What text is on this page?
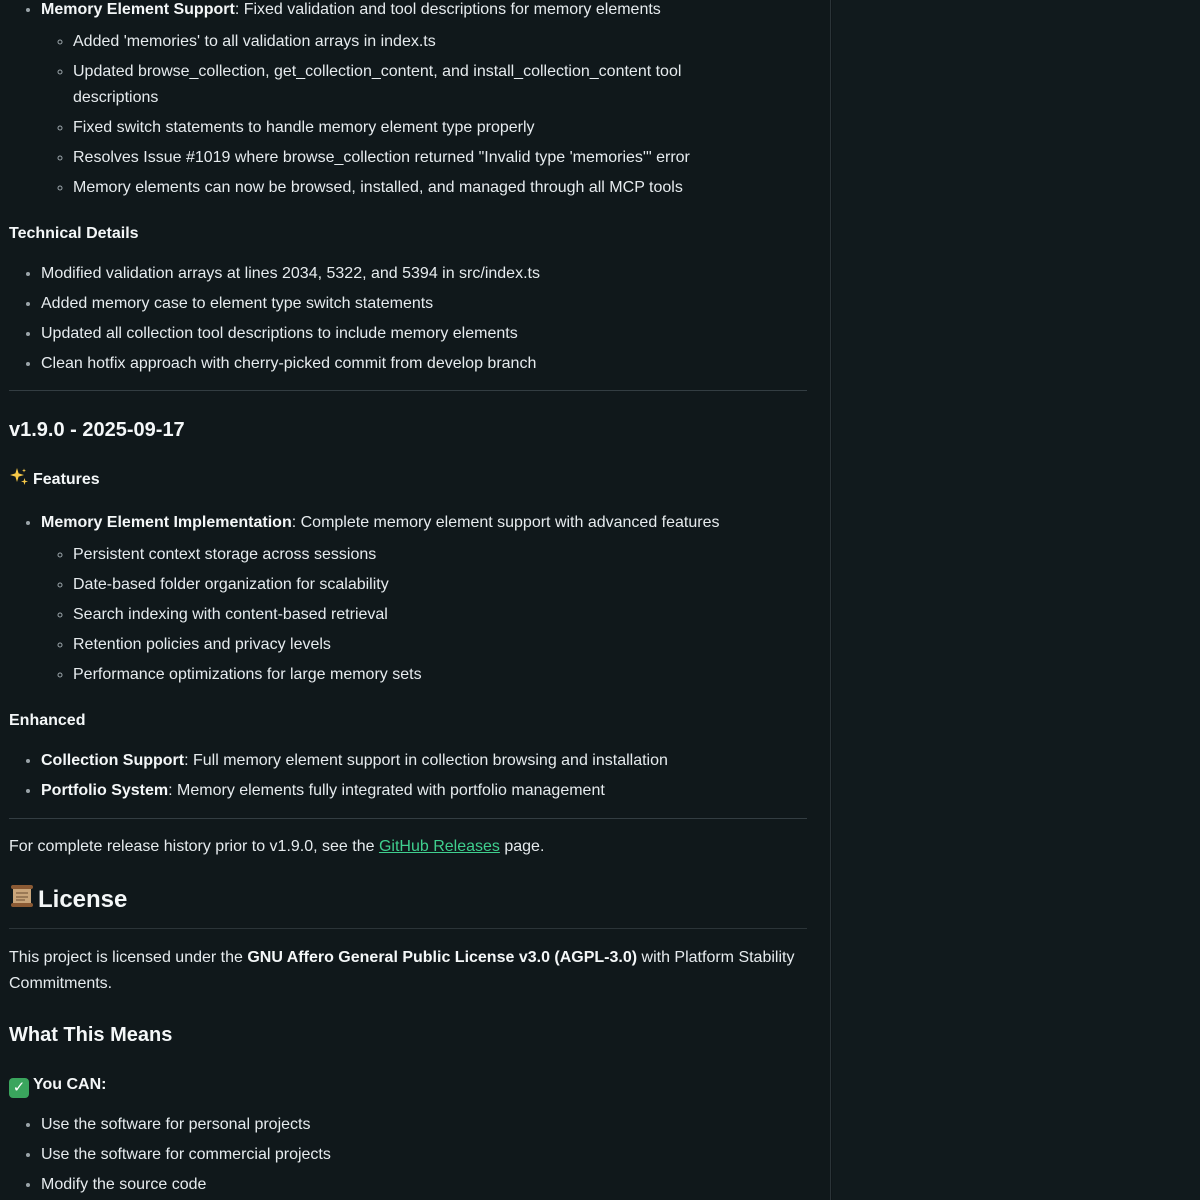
• Memory Element Support: Fixed validation and tool descriptions for memory elements
◦ Added 'memories' to all validation arrays in index.ts
◦ Updated browse_collection, get_collection_content, and install_collection_content tool descriptions
◦ Fixed switch statements to handle memory element type properly
◦ Resolves Issue #1019 where browse_collection returned "Invalid type 'memories'" error
◦ Memory elements can now be browsed, installed, and managed through all MCP tools
Technical Details
• Modified validation arrays at lines 2034, 5322, and 5394 in src/index.ts
• Added memory case to element type switch statements
• Updated all collection tool descriptions to include memory elements
• Clean hotfix approach with cherry-picked commit from develop branch
v1.9.0 - 2025-09-17
Features
• Memory Element Implementation: Complete memory element support with advanced features
◦ Persistent context storage across sessions
◦ Date-based folder organization for scalability
◦ Search indexing with content-based retrieval
◦ Retention policies and privacy levels
◦ Performance optimizations for large memory sets
Enhanced
• Collection Support: Full memory element support in collection browsing and installation
• Portfolio System: Memory elements fully integrated with portfolio management

For complete release history prior to v1.9.0, see the GitHub Releases page.

License

This project is licensed under the GNU Affero General Public License v3.0 (AGPL-3.0) with Platform Stability Commitments.

What This Means
✓ You CAN:
• Use the software for personal projects
• Use the software for commercial projects
• Modify the source code
